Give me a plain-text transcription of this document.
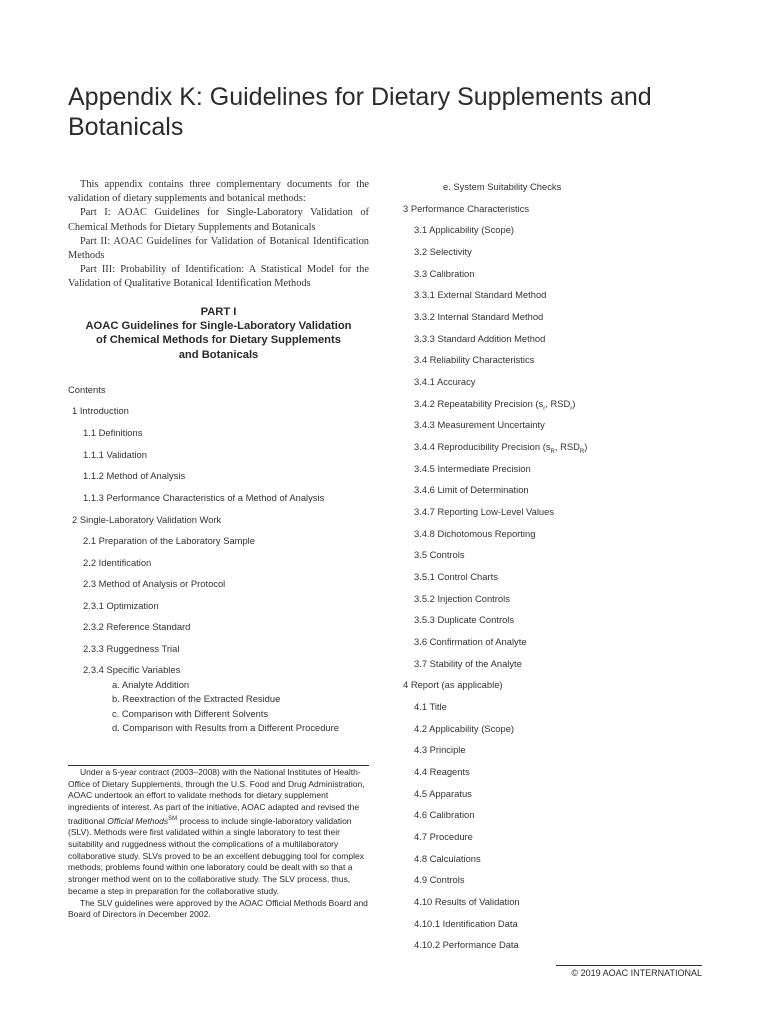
Appendix K: Guidelines for Dietary Supplements and Botanicals

This appendix contains three complementary documents for the validation of dietary supplements and botanical methods:

Part I: AOAC Guidelines for Single-Laboratory Validation of Chemical Methods for Dietary Supplements and Botanicals

Part II: AOAC Guidelines for Validation of Botanical Identification Methods

Part III: Probability of Identification: A Statistical Model for the Validation of Qualitative Botanical Identification Methods

PART I
AOAC Guidelines for Single-Laboratory Validation
of Chemical Methods for Dietary Supplements
and Botanicals
Contents
1 Introduction
1.1 Definitions
1.1.1 Validation
1.1.2 Method of Analysis
1.1.3 Performance Characteristics of a Method of Analysis
2 Single-Laboratory Validation Work
2.1 Preparation of the Laboratory Sample
2.2 Identification
2.3 Method of Analysis or Protocol
2.3.1 Optimization
2.3.2 Reference Standard
2.3.3 Ruggedness Trial
2.3.4 Specific Variables
a. Analyte Addition
b. Reextraction of the Extracted Residue
c. Comparison with Different Solvents
d. Comparison with Results from a Different Procedure
e. System Suitability Checks
3 Performance Characteristics
3.1 Applicability (Scope)
3.2 Selectivity
3.3 Calibration
3.3.1 External Standard Method
3.3.2 Internal Standard Method
3.3.3 Standard Addition Method
3.4 Reliability Characteristics
3.4.1 Accuracy
3.4.2 Repeatability Precision ($s_r$, $RSD_r$)
3.4.3 Measurement Uncertainty
3.4.4 Reproducibility Precision ($s_R$, $RSD_R$)
3.4.5 Intermediate Precision
3.4.6 Limit of Determination
3.4.7 Reporting Low-Level Values
3.4.8 Dichotomous Reporting
3.5 Controls
3.5.1 Control Charts
3.5.2 Injection Controls
3.5.3 Duplicate Controls
3.6 Confirmation of Analyte
3.7 Stability of the Analyte
4 Report (as applicable)
4.1 Title
4.2 Applicability (Scope)
4.3 Principle
4.4 Reagents
4.5 Apparatus
4.6 Calibration
4.7 Procedure
4.8 Calculations
4.9 Controls
4.10 Results of Validation
4.10.1 Identification Data
4.10.2 Performance Data

Under a 5-year contract (2003–2008) with the National Institutes of Health-Office of Dietary Supplements, through the U.S. Food and Drug Administration, AOAC undertook an effort to validate methods for dietary supplement ingredients of interest. As part of the initiative, AOAC adapted and revised the traditional Official Methods℠ process to include single-laboratory validation (SLV). Methods were first validated within a single laboratory to test their suitability and ruggedness without the complications of a multilaboratory collaborative study. SLVs proved to be an excellent debugging tool for complex methods; problems found within one laboratory could be dealt with so that a stronger method went on to the collaborative study. The SLV process, thus, became a step in preparation for the collaborative study.

The SLV guidelines were approved by the AOAC Official Methods Board and Board of Directors in December 2002.

© 2019 AOAC INTERNATIONAL
